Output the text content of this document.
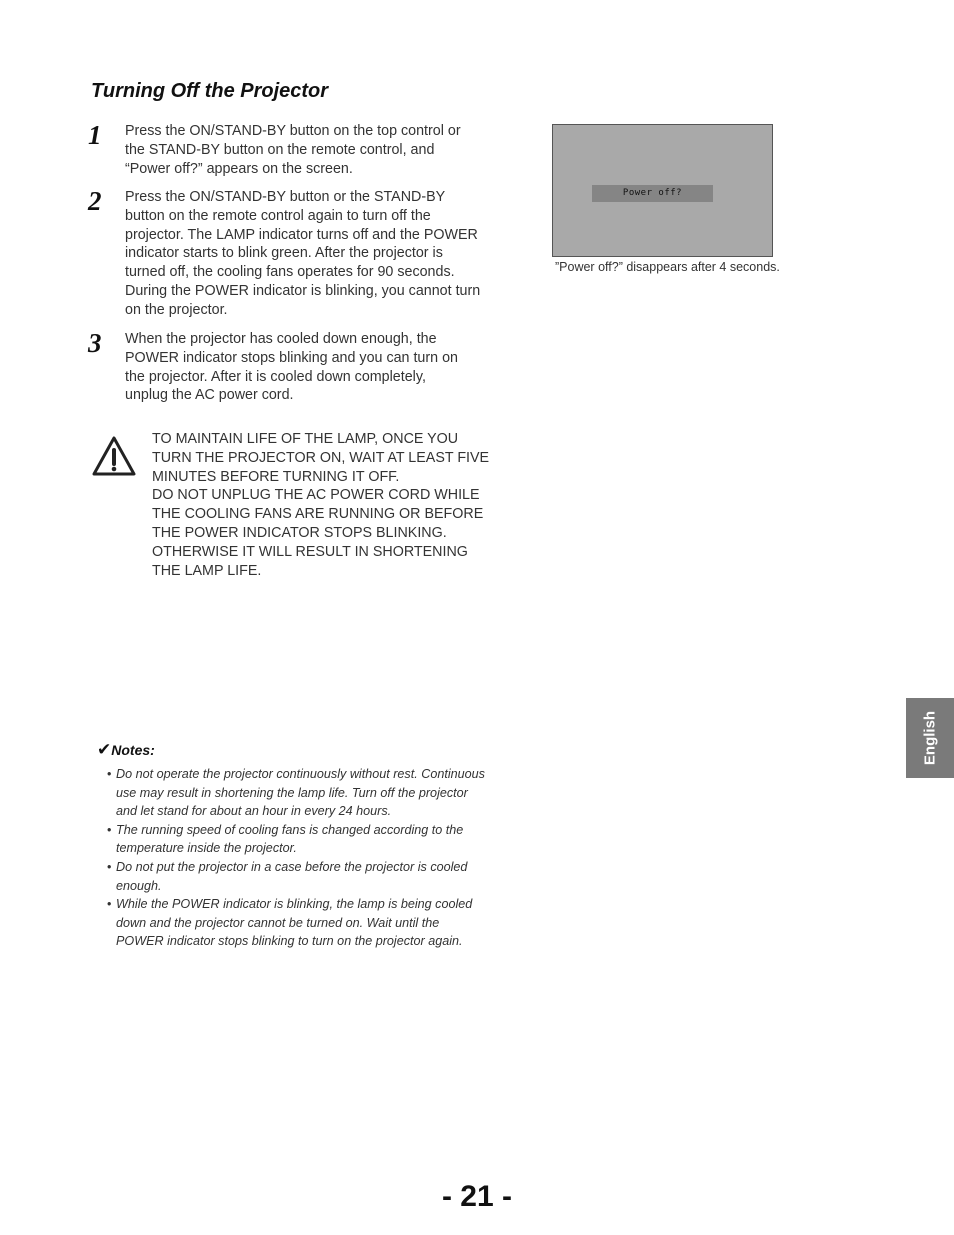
Turning Off the Projector
1 Press the ON/STAND-BY button on the top control or
the STAND-BY button on the remote control, and
“Power off?” appears on the screen.
2 Press the ON/STAND-BY button or the STAND-BY
button on the remote control again to turn off the
projector. The LAMP indicator turns off and the POWER
indicator starts to blink green. After the projector is
turned off, the cooling fans operates for 90 seconds.
During the POWER indicator is blinking, you cannot turn
on the projector.
3 When the projector has cooled down enough, the
POWER indicator stops blinking and you can turn on
the projector. After it is cooled down completely,
unplug the AC power cord.
Power off?
”Power off?” disappears after 4 seconds.

TO MAINTAIN LIFE OF THE LAMP, ONCE YOU

TURN THE PROJECTOR ON, WAIT AT LEAST FIVE

MINUTES BEFORE TURNING IT OFF.

DO NOT UNPLUG THE AC POWER CORD WHILE

THE COOLING FANS ARE RUNNING OR BEFORE

THE POWER INDICATOR STOPS BLINKING.

OTHERWISE IT WILL RESULT IN SHORTENING

THE LAMP LIFE.

✔Notes:
• Do not operate the projector continuously without rest. Continuous
use may result in shortening the lamp life. Turn off the projector
and let stand for about an hour in every 24 hours.
• The running speed of cooling fans is changed according to the
temperature inside the projector.
• Do not put the projector in a case before the projector is cooled
enough.
• While the POWER indicator is blinking, the lamp is being cooled
down and the projector cannot be turned on. Wait until the
POWER indicator stops blinking to turn on the projector again.
English
- 21 -
